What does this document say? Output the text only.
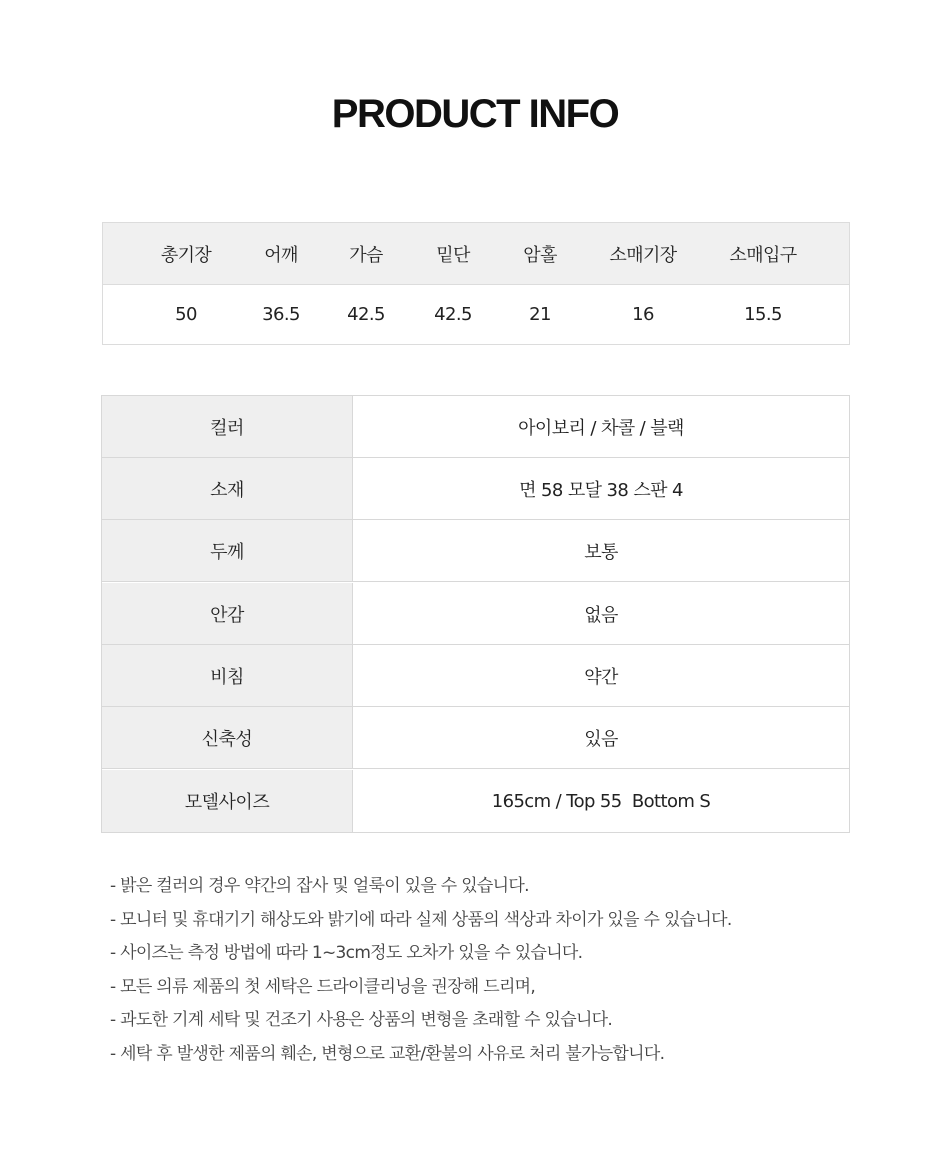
PRODUCT INFO
총기장	어깨	가슴	밑단	암홀	소매기장	소매입구
50	36.5	42.5	42.5	21	16	15.5
컬러	아이보리 / 차콜 / 블랙
소재	면 58 모달 38 스판 4
두께	보통
안감	없음
비침	약간
신축성	있음
모델사이즈	165cm / Top 55  Bottom S
- 밝은 컬러의 경우 약간의 잡사 및 얼룩이 있을 수 있습니다.
- 모니터 및 휴대기기 해상도와 밝기에 따라 실제 상품의 색상과 차이가 있을 수 있습니다.
- 사이즈는 측정 방법에 따라 1~3cm정도 오차가 있을 수 있습니다.
- 모든 의류 제품의 첫 세탁은 드라이클리닝을 권장해 드리며,
- 과도한 기계 세탁 및 건조기 사용은 상품의 변형을 초래할 수 있습니다.
- 세탁 후 발생한 제품의 훼손, 변형으로 교환/환불의 사유로 처리 불가능합니다.
